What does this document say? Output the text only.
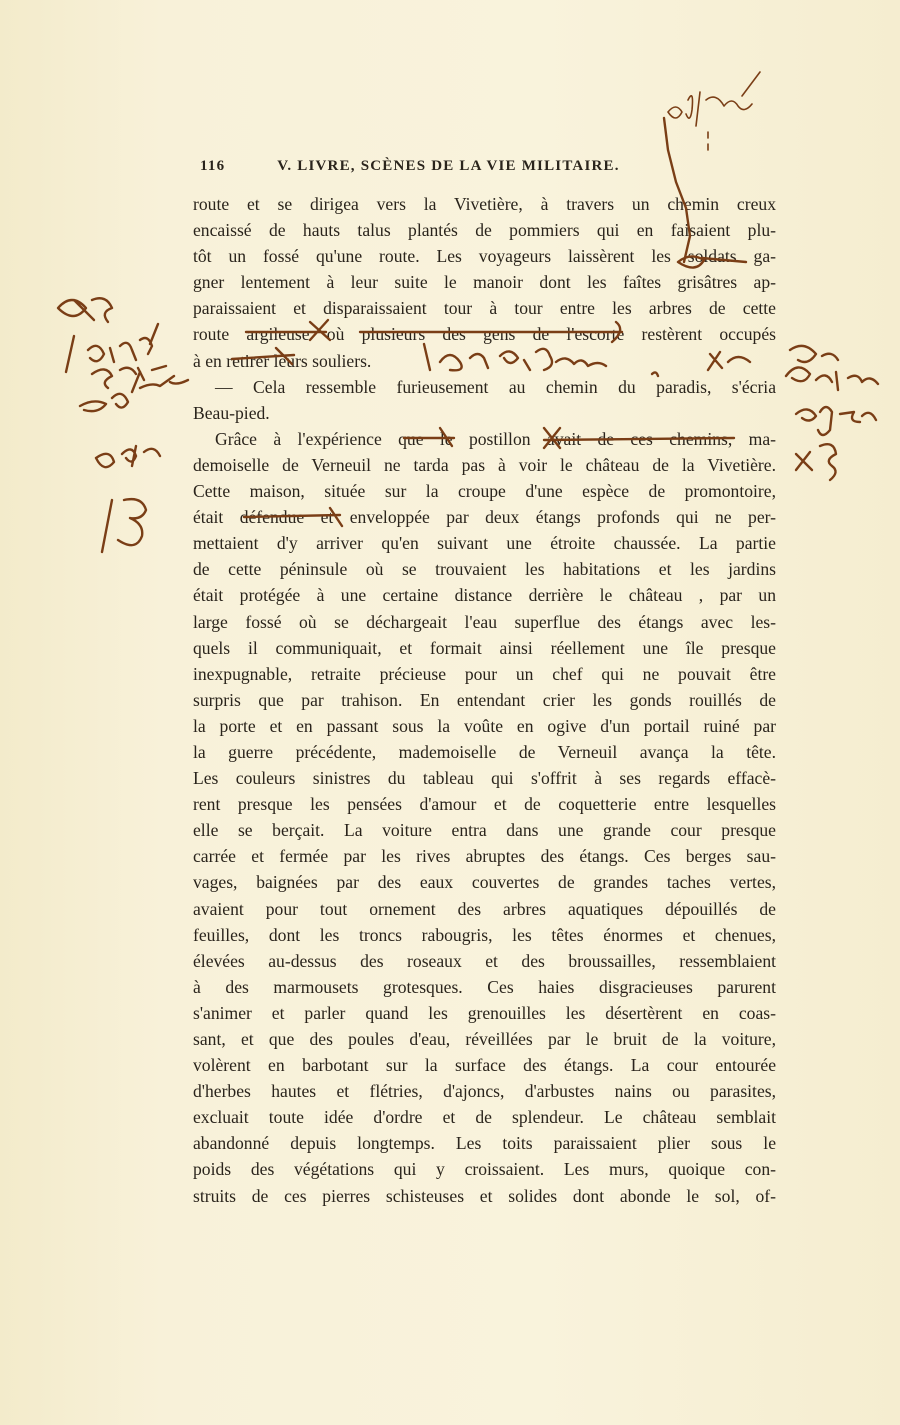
116	V. LIVRE, SCÈNES DE LA VIE MILITAIRE.
route et se dirigea vers la Vivetière, à travers un chemin creux
encaissé de hauts talus plantés de pommiers qui en faisaient plu-
tôt un fossé qu'une route. Les voyageurs laissèrent les soldats ga-
gner lentement à leur suite le manoir dont les faîtes grisâtres ap-
paraissaient et disparaissaient tour à tour entre les arbres de cette
route argileuse où plusieurs des gens de l'escorte restèrent occupés
à en retirer leurs souliers.
— Cela ressemble furieusement au chemin du paradis, s'écria
Beau-pied.
Grâce à l'expérience que le postillon avait de ces chemins, ma-
demoiselle de Verneuil ne tarda pas à voir le château de la Vivetière.
Cette maison, située sur la croupe d'une espèce de promontoire,
était défendue et enveloppée par deux étangs profonds qui ne per-
mettaient d'y arriver qu'en suivant une étroite chaussée. La partie
de cette péninsule où se trouvaient les habitations et les jardins
était protégée à une certaine distance derrière le château , par un
large fossé où se déchargeait l'eau superflue des étangs avec les-
quels il communiquait, et formait ainsi réellement une île presque
inexpugnable, retraite précieuse pour un chef qui ne pouvait être
surpris que par trahison. En entendant crier les gonds rouillés de
la porte et en passant sous la voûte en ogive d'un portail ruiné par
la guerre précédente, mademoiselle de Verneuil avança la tête.
Les couleurs sinistres du tableau qui s'offrit à ses regards effacè-
rent presque les pensées d'amour et de coquetterie entre lesquelles
elle se berçait. La voiture entra dans une grande cour presque
carrée et fermée par les rives abruptes des étangs. Ces berges sau-
vages, baignées par des eaux couvertes de grandes taches vertes,
avaient pour tout ornement des arbres aquatiques dépouillés de
feuilles, dont les troncs rabougris, les têtes énormes et chenues,
élevées au-dessus des roseaux et des broussailles, ressemblaient
à des marmousets grotesques. Ces haies disgracieuses parurent
s'animer et parler quand les grenouilles les désertèrent en coas-
sant, et que des poules d'eau, réveillées par le bruit de la voiture,
volèrent en barbotant sur la surface des étangs. La cour entourée
d'herbes hautes et flétries, d'ajoncs, d'arbustes nains ou parasites,
excluait toute idée d'ordre et de splendeur. Le château semblait
abandonné depuis longtemps. Les toits paraissaient plier sous le
poids des végétations qui y croissaient. Les murs, quoique con-
struits de ces pierres schisteuses et solides dont abonde le sol, of-
